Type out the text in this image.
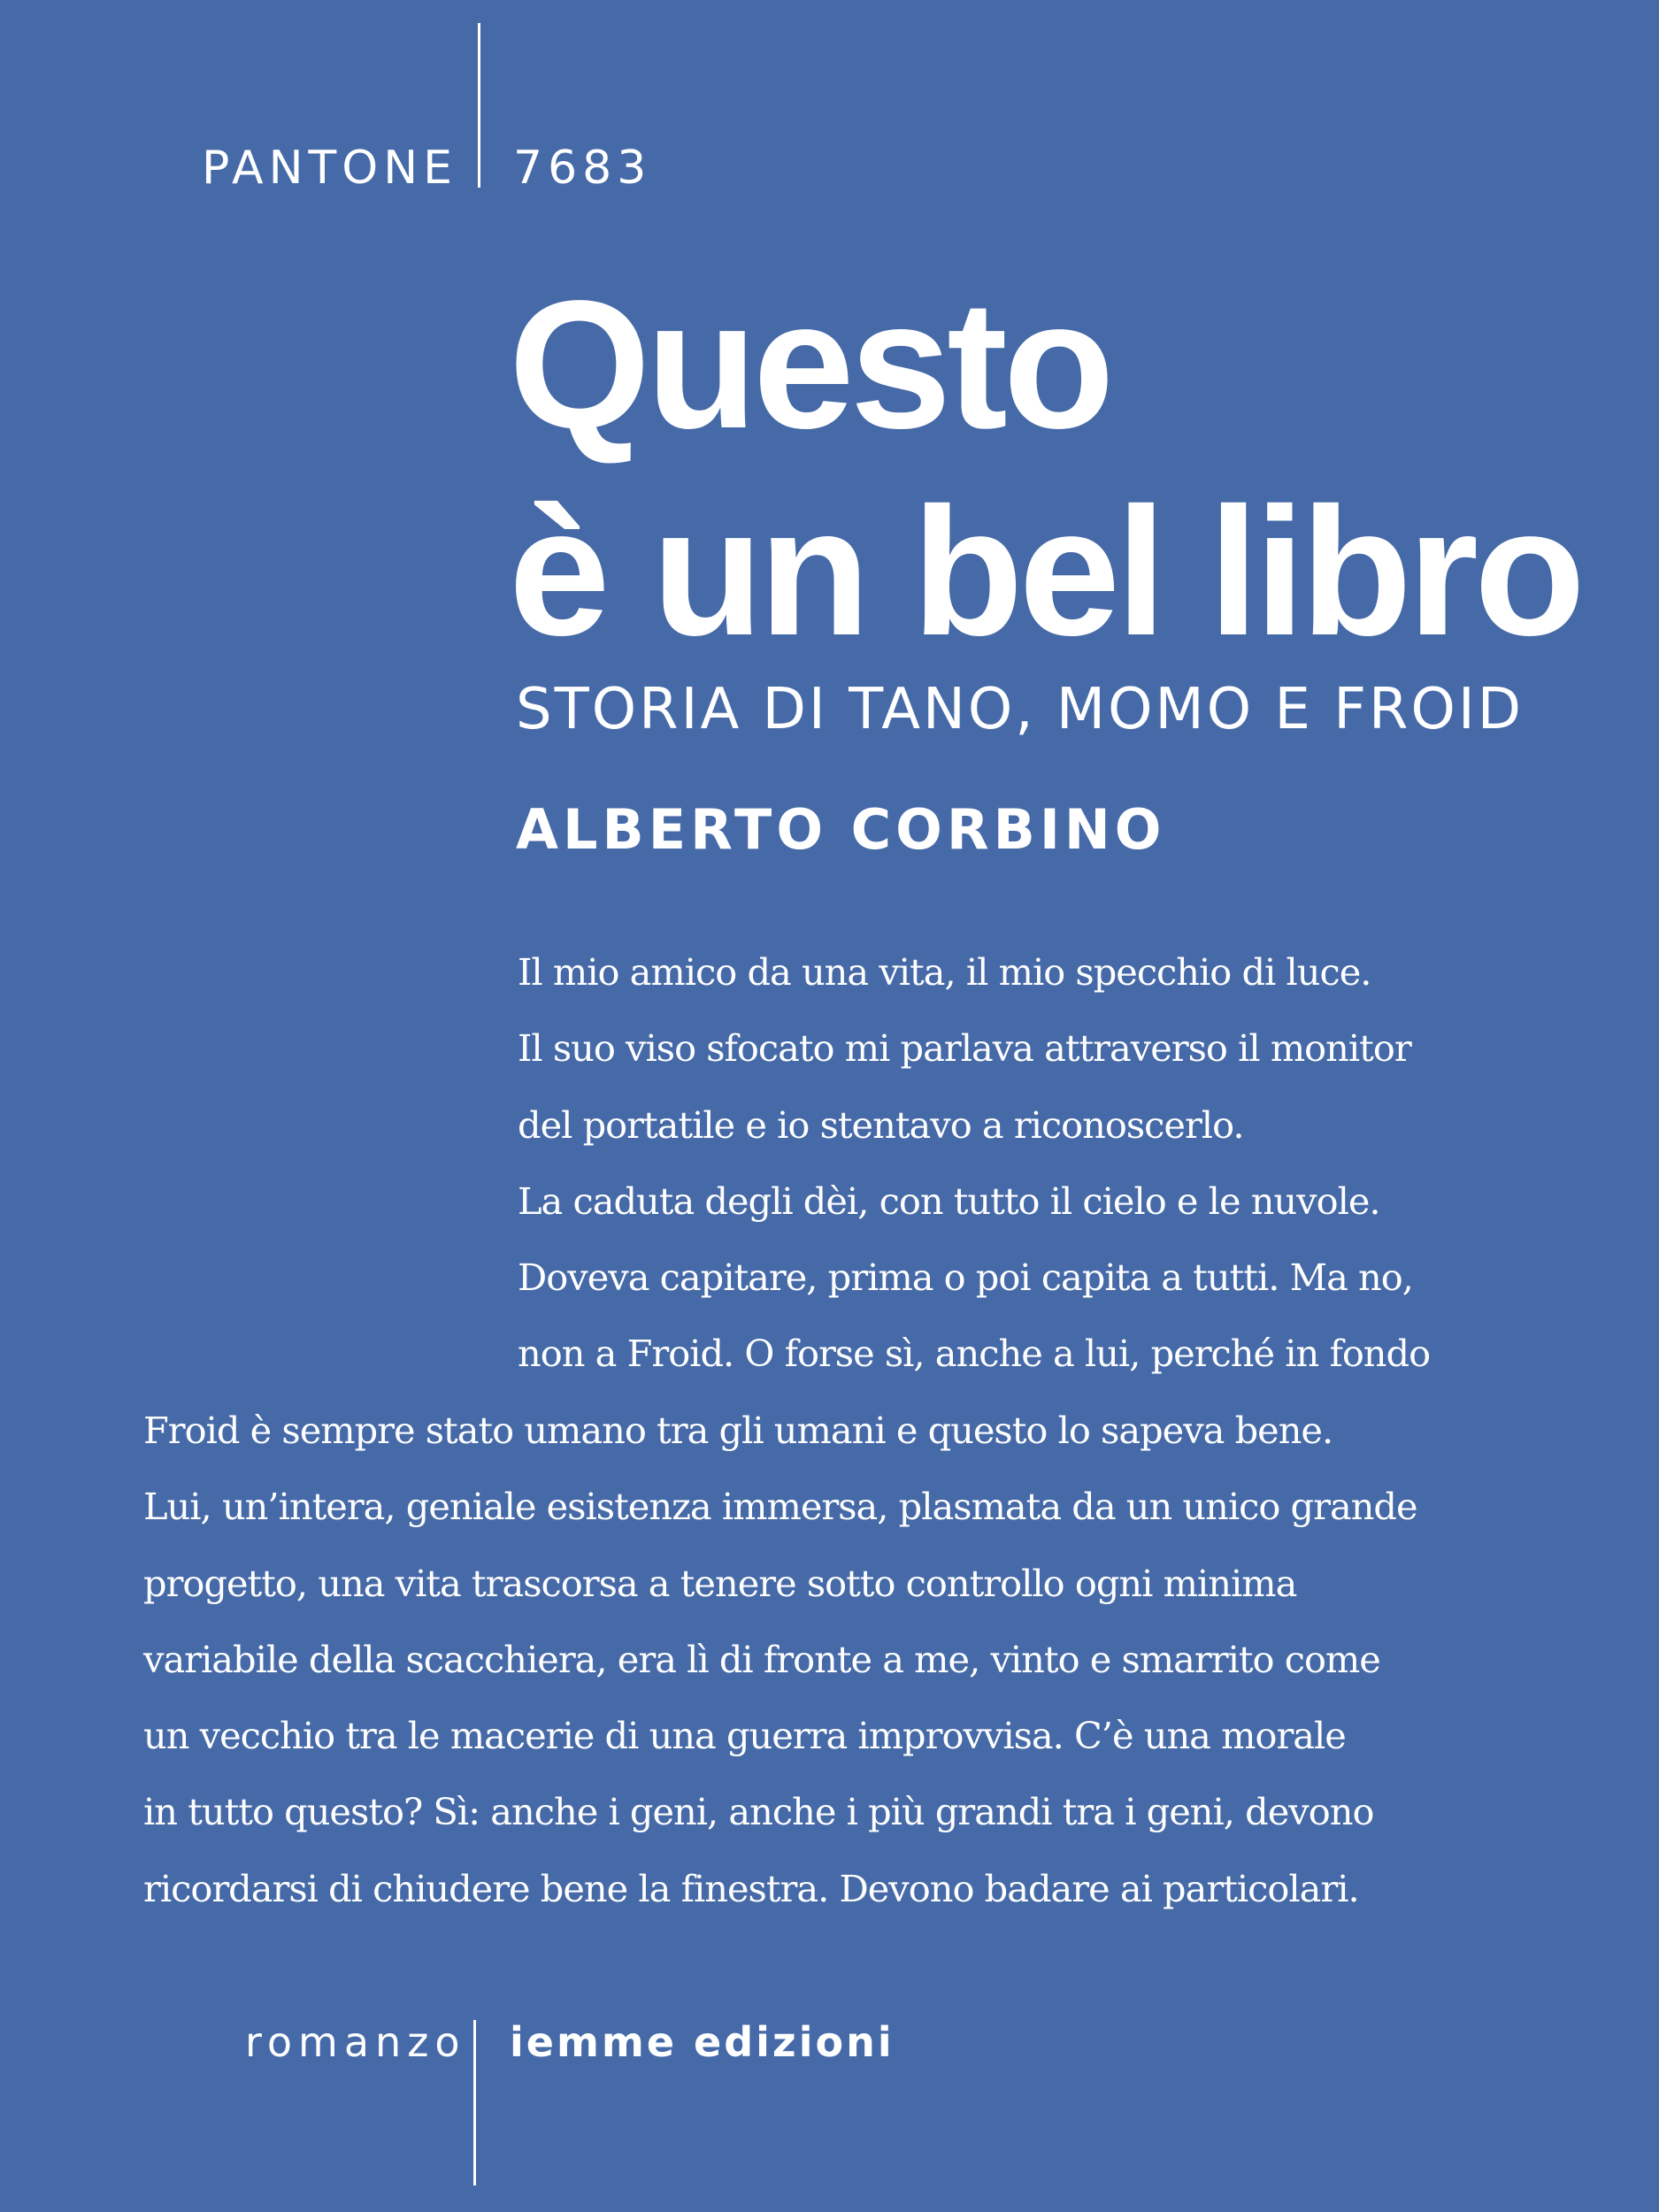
PANTONE 7683
Questo
è un bel libro
STORIA DI TANO, MOMO E FROID
ALBERTO CORBINO

Il mio amico da una vita, il mio specchio di luce.
Il suo viso sfocato mi parlava attraverso il monitor
del portatile e io stentavo a riconoscerlo.
La caduta degli dèi, con tutto il cielo e le nuvole.
Doveva capitare, prima o poi capita a tutti. Ma no,
non a Froid. O forse sì, anche a lui, perché in fondo

Froid è sempre stato umano tra gli umani e questo lo sapeva bene.
Lui, un’intera, geniale esistenza immersa, plasmata da un unico grande
progetto, una vita trascorsa a tenere sotto controllo ogni minima
variabile della scacchiera, era lì di fronte a me, vinto e smarrito come
un vecchio tra le macerie di una guerra improvvisa. C’è una morale
in tutto questo? Sì: anche i geni, anche i più grandi tra i geni, devono
ricordarsi di chiudere bene la finestra. Devono badare ai particolari.

romanzo iemme edizioni
